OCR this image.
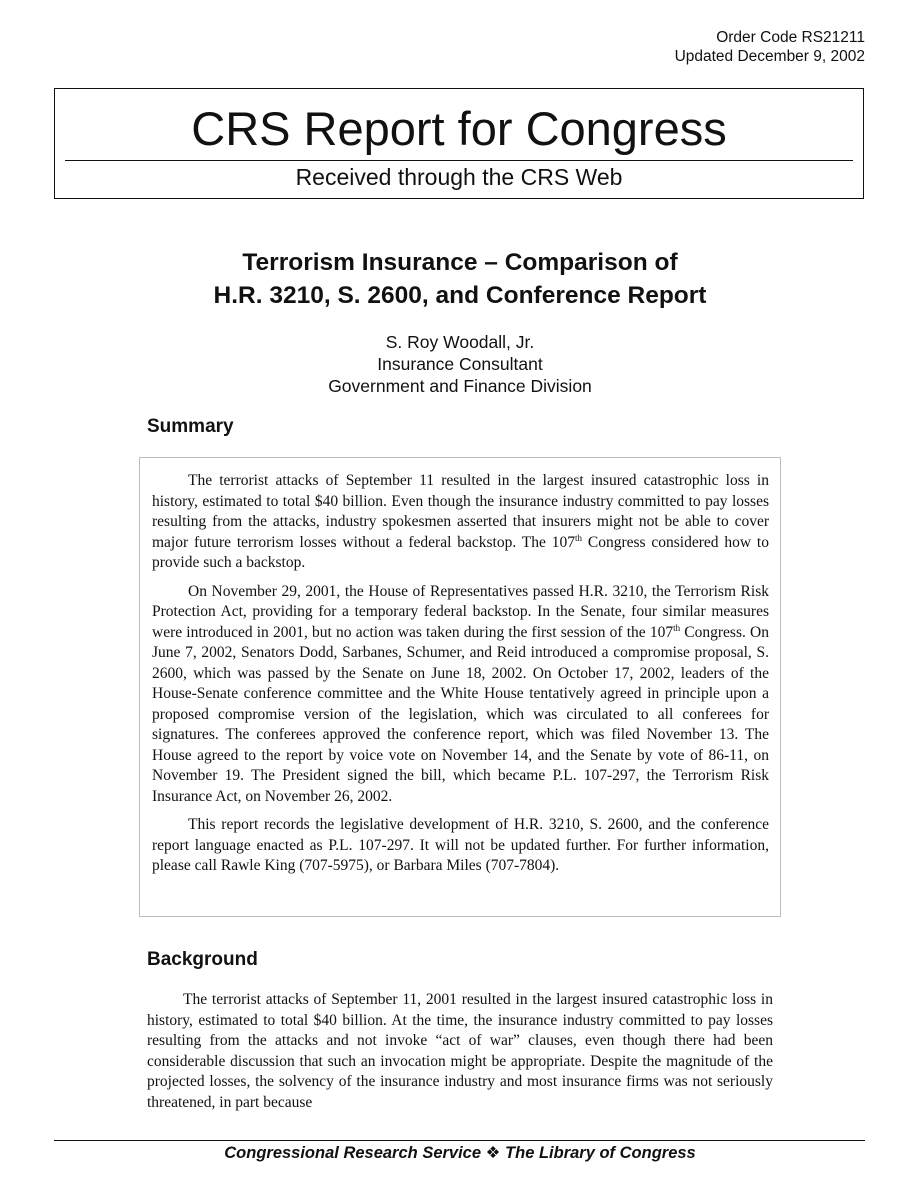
Order Code RS21211
Updated December 9, 2002
CRS Report for Congress
Received through the CRS Web
Terrorism Insurance – Comparison of
H.R. 3210, S. 2600, and Conference Report
S. Roy Woodall, Jr.
Insurance Consultant
Government and Finance Division
Summary

The terrorist attacks of September 11 resulted in the largest insured catastrophic loss in history, estimated to total $40 billion. Even though the insurance industry committed to pay losses resulting from the attacks, industry spokesmen asserted that insurers might not be able to cover major future terrorism losses without a federal backstop. The 107th Congress considered how to provide such a backstop.

On November 29, 2001, the House of Representatives passed H.R. 3210, the Terrorism Risk Protection Act, providing for a temporary federal backstop. In the Senate, four similar measures were introduced in 2001, but no action was taken during the first session of the 107th Congress. On June 7, 2002, Senators Dodd, Sarbanes, Schumer, and Reid introduced a compromise proposal, S. 2600, which was passed by the Senate on June 18, 2002. On October 17, 2002, leaders of the House-Senate conference committee and the White House tentatively agreed in principle upon a proposed compromise version of the legislation, which was circulated to all conferees for signatures. The conferees approved the conference report, which was filed November 13. The House agreed to the report by voice vote on November 14, and the Senate by vote of 86-11, on November 19. The President signed the bill, which became P.L. 107-297, the Terrorism Risk Insurance Act, on November 26, 2002.

This report records the legislative development of H.R. 3210, S. 2600, and the conference report language enacted as P.L. 107-297. It will not be updated further. For further information, please call Rawle King (707-5975), or Barbara Miles (707-7804).

Background

The terrorist attacks of September 11, 2001 resulted in the largest insured catastrophic loss in history, estimated to total $40 billion. At the time, the insurance industry committed to pay losses resulting from the attacks and not invoke “act of war” clauses, even though there had been considerable discussion that such an invocation might be appropriate. Despite the magnitude of the projected losses, the solvency of the insurance industry and most insurance firms was not seriously threatened, in part because

Congressional Research Service ❖ The Library of Congress
